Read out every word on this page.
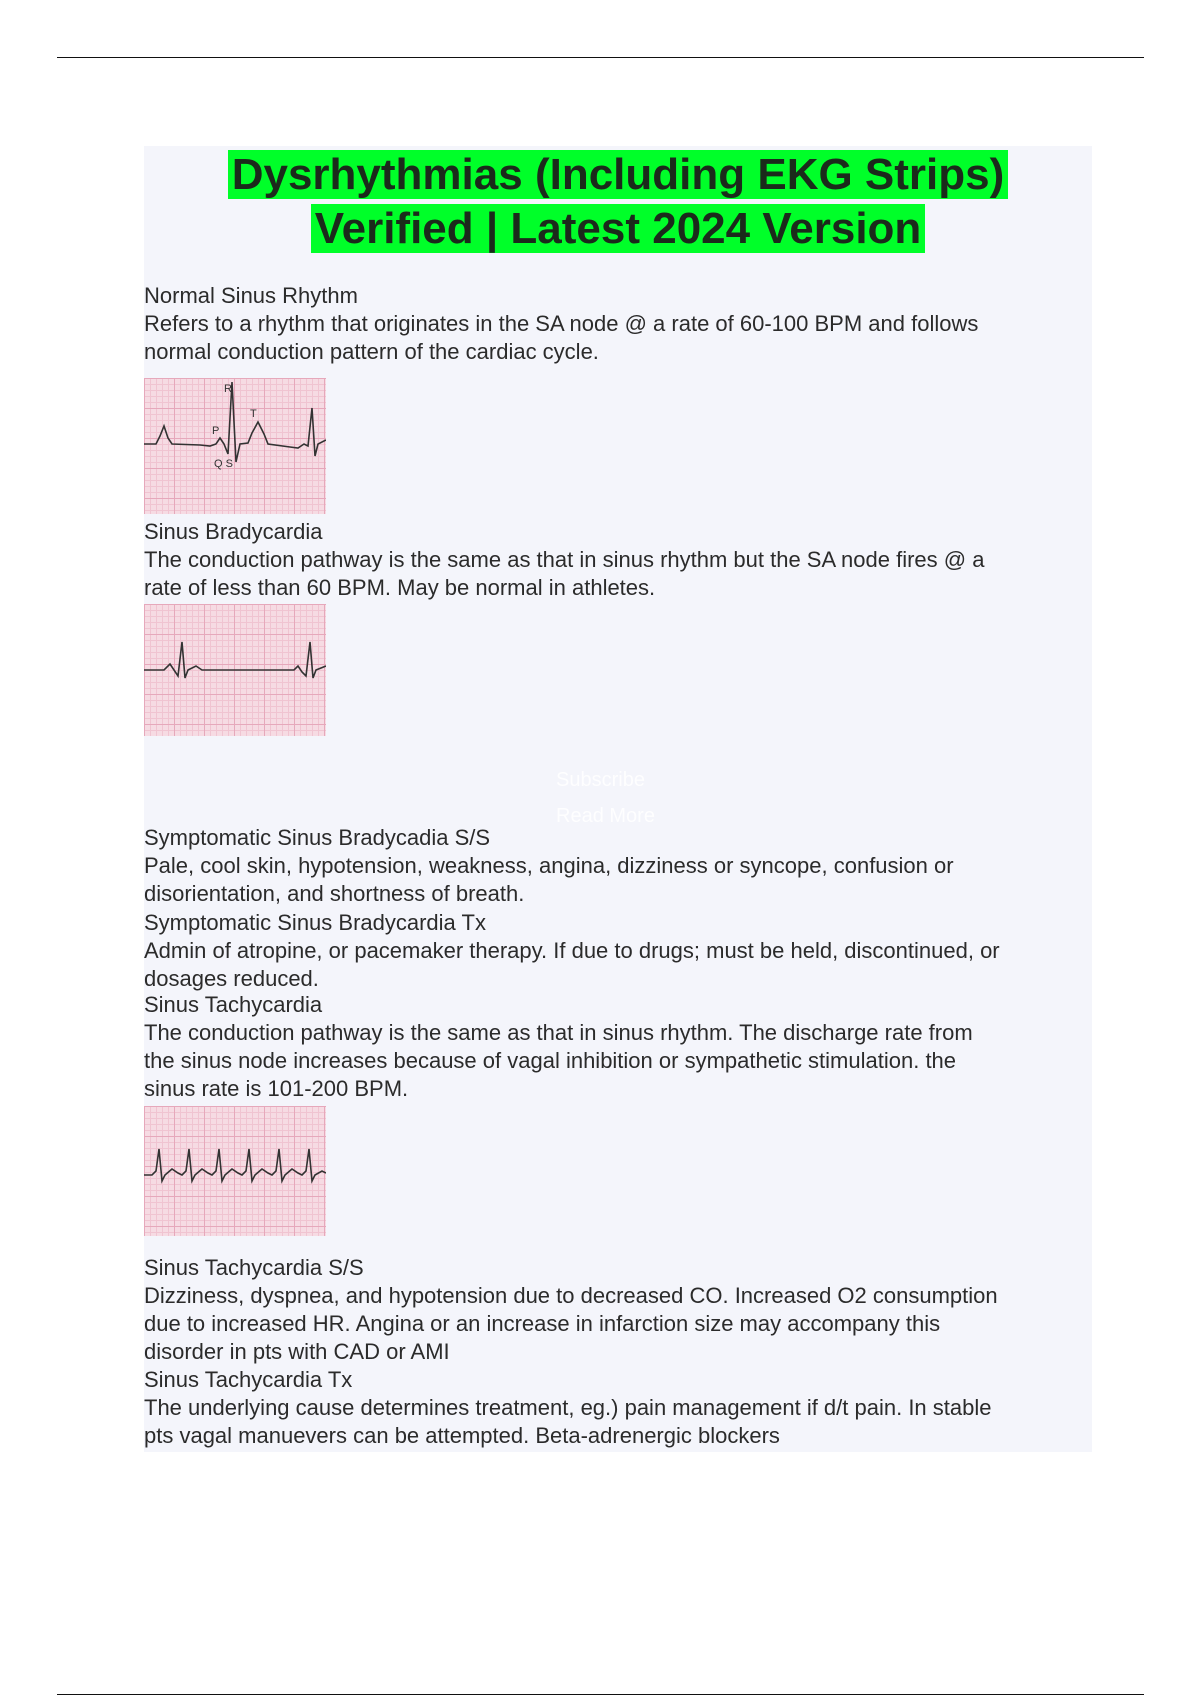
Dysrhythmias (Including EKG Strips)
Verified | Latest 2024 Version
Normal Sinus Rhythm
Refers to a rhythm that originates in the SA node @ a rate of 60-100 BPM and follows
normal conduction pattern of the cardiac cycle.
R
T
P
Q S
Sinus Bradycardia
The conduction pathway is the same as that in sinus rhythm but the SA node fires @ a
rate of less than 60 BPM. May be normal in athletes.
Subscribe
Read More
Symptomatic Sinus Bradycadia S/S
Pale, cool skin, hypotension, weakness, angina, dizziness or syncope, confusion or
disorientation, and shortness of breath.
Symptomatic Sinus Bradycardia Tx
Admin of atropine, or pacemaker therapy. If due to drugs; must be held, discontinued, or
dosages reduced.
Sinus Tachycardia
The conduction pathway is the same as that in sinus rhythm. The discharge rate from
the sinus node increases because of vagal inhibition or sympathetic stimulation. the
sinus rate is 101-200 BPM.
Sinus Tachycardia S/S
Dizziness, dyspnea, and hypotension due to decreased CO. Increased O2 consumption
due to increased HR. Angina or an increase in infarction size may accompany this
disorder in pts with CAD or AMI
Sinus Tachycardia Tx
The underlying cause determines treatment, eg.) pain management if d/t pain. In stable
pts vagal manuevers can be attempted. Beta-adrenergic blockers
